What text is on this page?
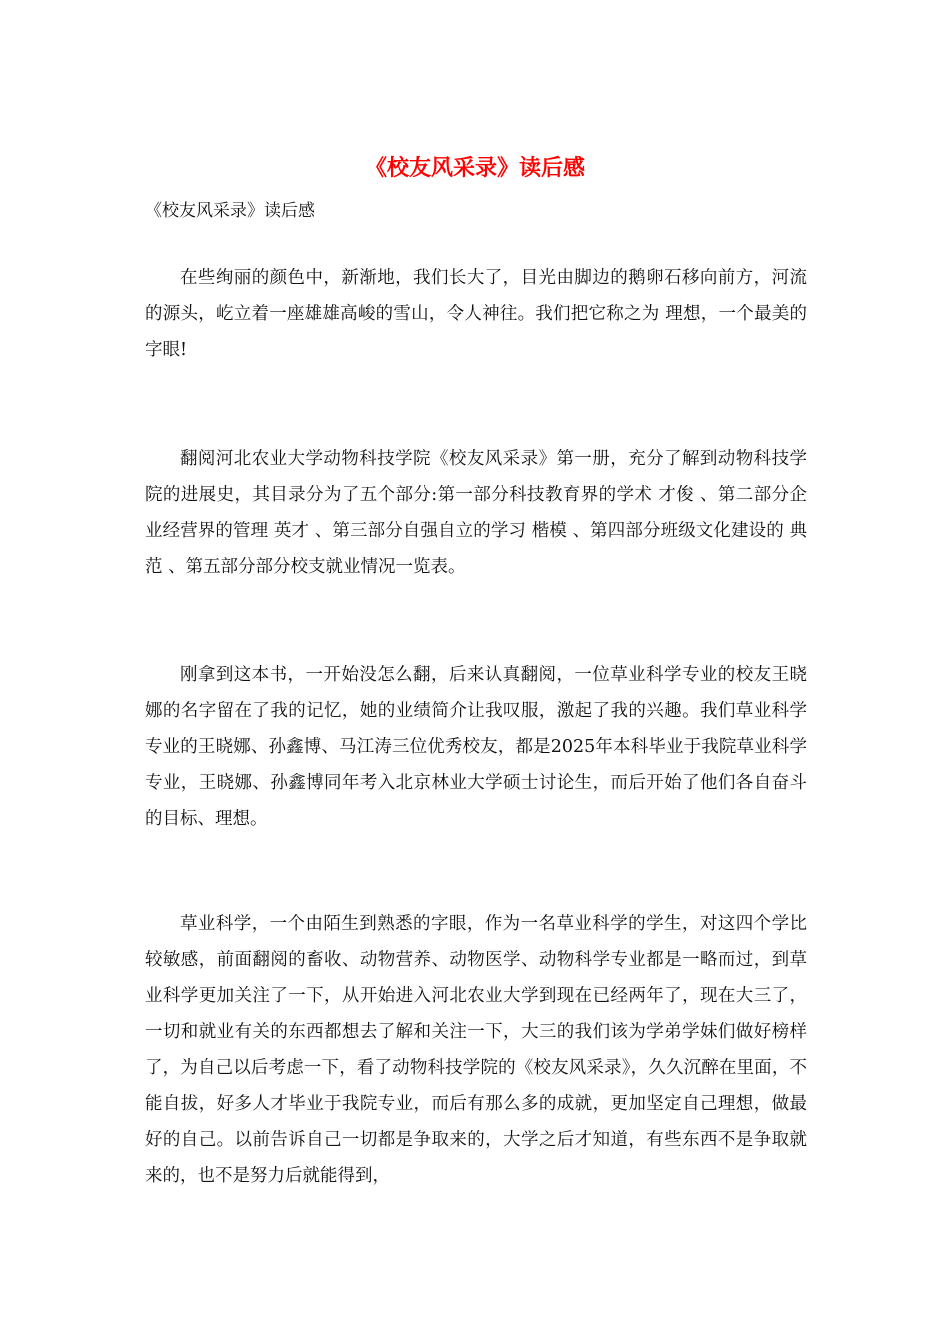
《校友风采录》读后感

《校友风采录》读后感

在些绚丽的颜色中，新渐地，我们长大了，目光由脚边的鹅卵石移向前方，河流的源头，屹立着一座雄雄高峻的雪山，令人神往。我们把它称之为 理想，一个最美的字眼!

翻阅河北农业大学动物科技学院《校友风采录》第一册，充分了解到动物科技学院的进展史，其目录分为了五个部分:第一部分科技教育界的学术 才俊 、第二部分企业经营界的管理 英才 、第三部分自强自立的学习 楷模 、第四部分班级文化建设的 典范 、第五部分部分校支就业情况一览表。

刚拿到这本书，一开始没怎么翻，后来认真翻阅，一位草业科学专业的校友王晓娜的名字留在了我的记忆，她的业绩简介让我叹服，激起了我的兴趣。我们草业科学专业的王晓娜、孙鑫博、马江涛三位优秀校友，都是2025年本科毕业于我院草业科学专业，王晓娜、孙鑫博同年考入北京林业大学硕士讨论生，而后开始了他们各自奋斗的目标、理想。

草业科学，一个由陌生到熟悉的字眼，作为一名草业科学的学生，对这四个学比较敏感，前面翻阅的畜收、动物营养、动物医学、动物科学专业都是一略而过，到草业科学更加关注了一下，从开始进入河北农业大学到现在已经两年了，现在大三了，一切和就业有关的东西都想去了解和关注一下，大三的我们该为学弟学妹们做好榜样了，为自己以后考虑一下，看了动物科技学院的《校友风采录》，久久沉醉在里面，不能自拔，好多人才毕业于我院专业，而后有那么多的成就，更加坚定自己理想，做最好的自己。以前告诉自己一切都是争取来的，大学之后才知道，有些东西不是争取就来的，也不是努力后就能得到，
